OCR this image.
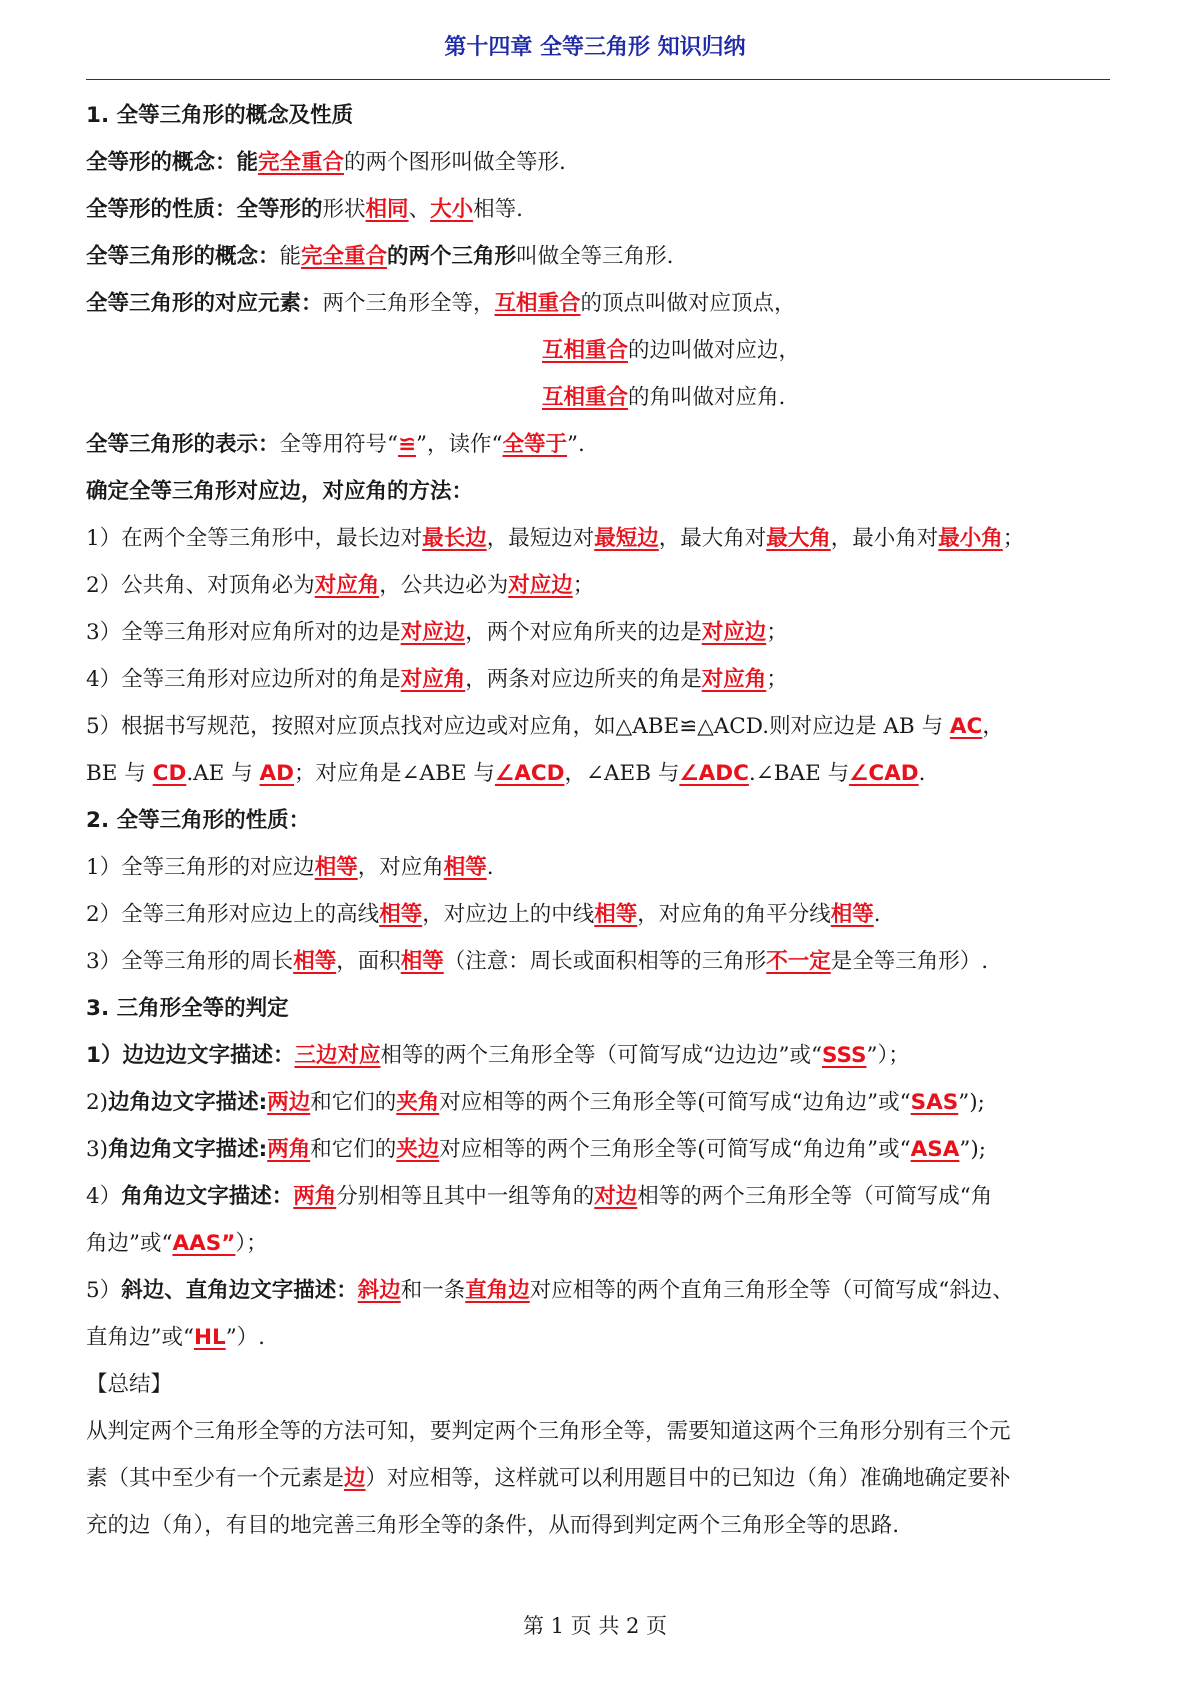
第十四章 全等三角形 知识归纳
1. 全等三角形的概念及性质
全等形的概念：能完全重合的两个图形叫做全等形.
全等形的性质：全等形的形状相同、大小相等.
全等三角形的概念：能完全重合的两个三角形叫做全等三角形.
全等三角形的对应元素：两个三角形全等，互相重合的顶点叫做对应顶点，
互相重合的边叫做对应边，
互相重合的角叫做对应角.
全等三角形的表示：全等用符号“≌”，读作“全等于”.
确定全等三角形对应边，对应角的方法：
1）在两个全等三角形中，最长边对最长边，最短边对最短边，最大角对最大角，最小角对最小角；
2）公共角、对顶角必为对应角，公共边必为对应边；
3）全等三角形对应角所对的边是对应边，两个对应角所夹的边是对应边；
4）全等三角形对应边所对的角是对应角，两条对应边所夹的角是对应角；
5）根据书写规范，按照对应顶点找对应边或对应角，如△ABE≌△ACD.则对应边是 AB 与 AC，
BE 与 CD.AE 与 AD；对应角是∠ABE 与∠ACD，∠AEB 与∠ADC.∠BAE 与∠CAD.
2. 全等三角形的性质：
1）全等三角形的对应边相等，对应角相等.
2）全等三角形对应边上的高线相等，对应边上的中线相等，对应角的角平分线相等.
3）全等三角形的周长相等，面积相等（注意：周长或面积相等的三角形不一定是全等三角形）.
3. 三角形全等的判定
1）边边边文字描述：三边对应相等的两个三角形全等（可简写成“边边边”或“SSS”）；
2)边角边文字描述:两边和它们的夹角对应相等的两个三角形全等(可简写成“边角边”或“SAS”);
3)角边角文字描述:两角和它们的夹边对应相等的两个三角形全等(可简写成“角边角”或“ASA”);
4）角角边文字描述：两角分别相等且其中一组等角的对边相等的两个三角形全等（可简写成“角
角边”或“AAS”）；
5）斜边、直角边文字描述：斜边和一条直角边对应相等的两个直角三角形全等（可简写成“斜边、
直角边”或“HL”）.
【总结】
从判定两个三角形全等的方法可知，要判定两个三角形全等，需要知道这两个三角形分别有三个元
素（其中至少有一个元素是边）对应相等，这样就可以利用题目中的已知边（角）准确地确定要补
充的边（角），有目的地完善三角形全等的条件，从而得到判定两个三角形全等的思路.
第 1 页 共 2 页
